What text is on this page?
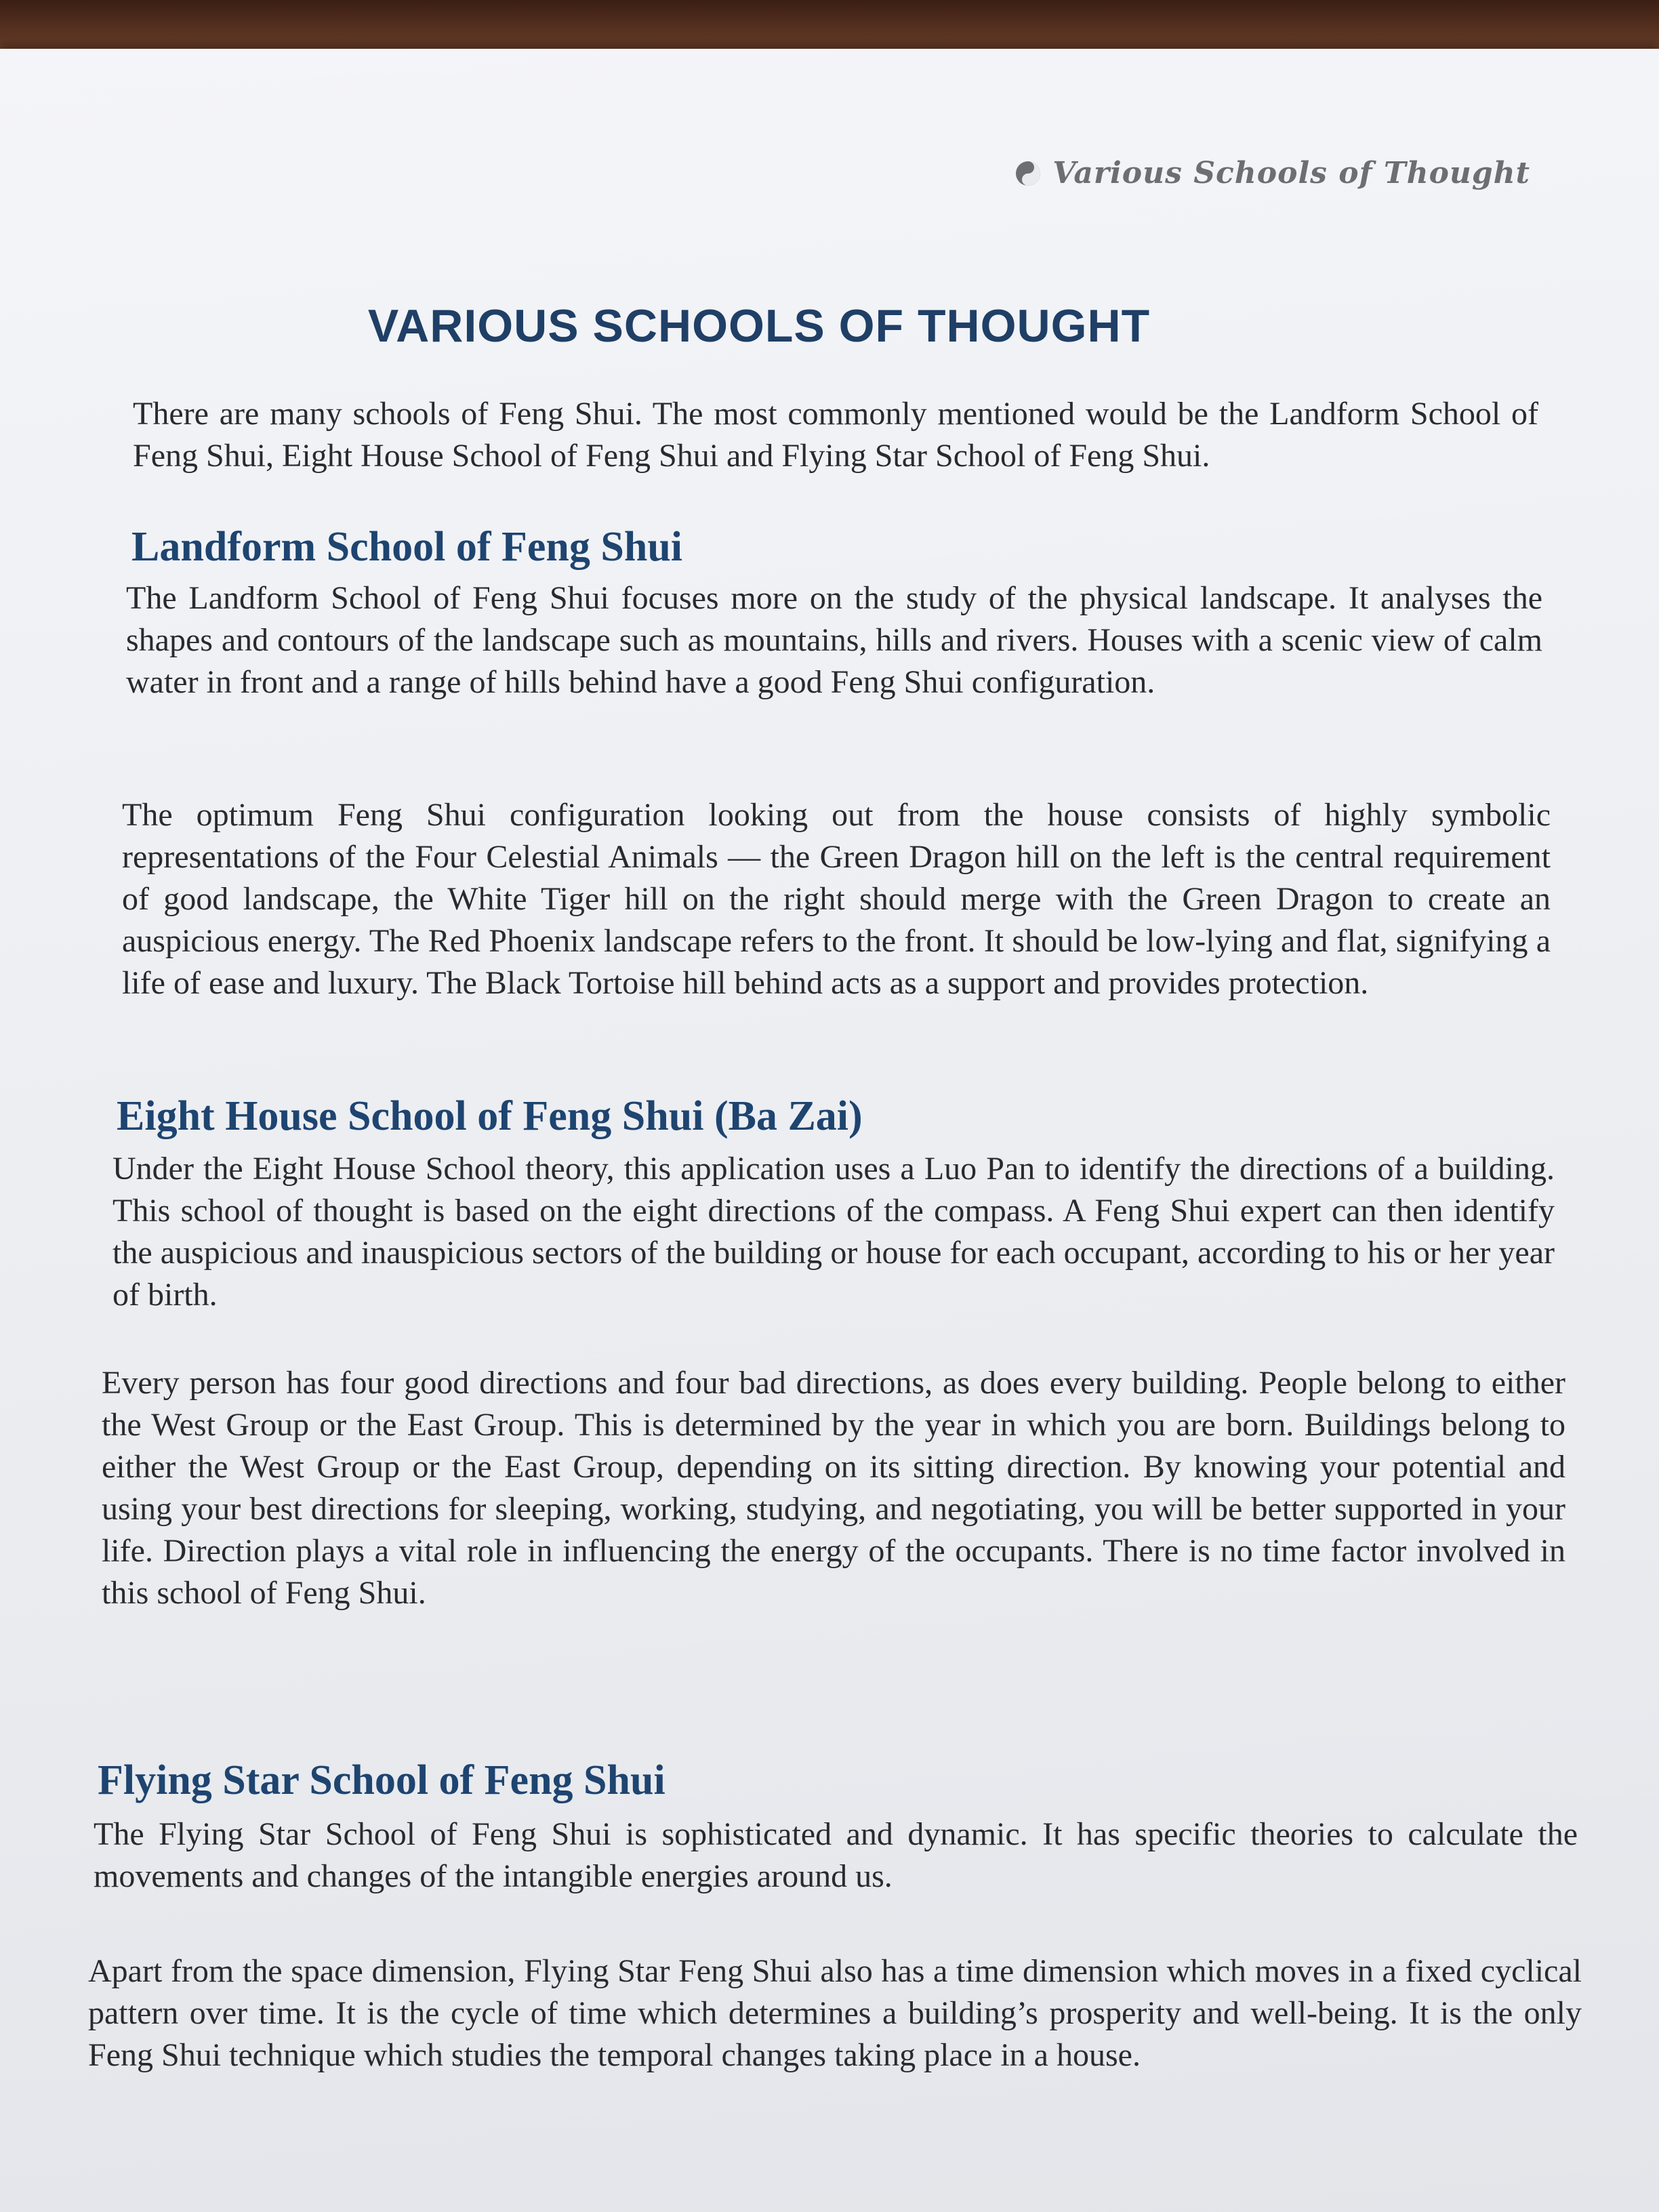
Various Schools of Thought
VARIOUS SCHOOLS OF THOUGHT

There are many schools of Feng Shui. The most commonly mentioned would be the Landform School of Feng Shui, Eight House School of Feng Shui and Flying Star School of Feng Shui.

Landform School of Feng Shui

The Landform School of Feng Shui focuses more on the study of the physical landscape. It analyses the shapes and contours of the landscape such as mountains, hills and rivers. Houses with a scenic view of calm water in front and a range of hills behind have a good Feng Shui configuration.

The optimum Feng Shui configuration looking out from the house consists of highly symbolic representations of the Four Celestial Animals — the Green Dragon hill on the left is the central requirement of good landscape, the White Tiger hill on the right should merge with the Green Dragon to create an auspicious energy. The Red Phoenix landscape refers to the front. It should be low-lying and flat, signifying a life of ease and luxury. The Black Tortoise hill behind acts as a support and provides protection.

Eight House School of Feng Shui (Ba Zai)

Under the Eight House School theory, this application uses a Luo Pan to identify the directions of a building. This school of thought is based on the eight directions of the compass. A Feng Shui expert can then identify the auspicious and inauspicious sectors of the building or house for each occupant, according to his or her year of birth.

Every person has four good directions and four bad directions, as does every building. People belong to either the West Group or the East Group. This is determined by the year in which you are born. Buildings belong to either the West Group or the East Group, depending on its sitting direction. By knowing your potential and using your best directions for sleeping, working, studying, and negotiating, you will be better supported in your life. Direction plays a vital role in influencing the energy of the occupants. There is no time factor involved in this school of Feng Shui.

Flying Star School of Feng Shui

The Flying Star School of Feng Shui is sophisticated and dynamic. It has specific theories to calculate the movements and changes of the intangible energies around us.

Apart from the space dimension, Flying Star Feng Shui also has a time dimension which moves in a fixed cyclical pattern over time. It is the cycle of time which determines a building’s prosperity and well-being. It is the only Feng Shui technique which studies the temporal changes taking place in a house.
